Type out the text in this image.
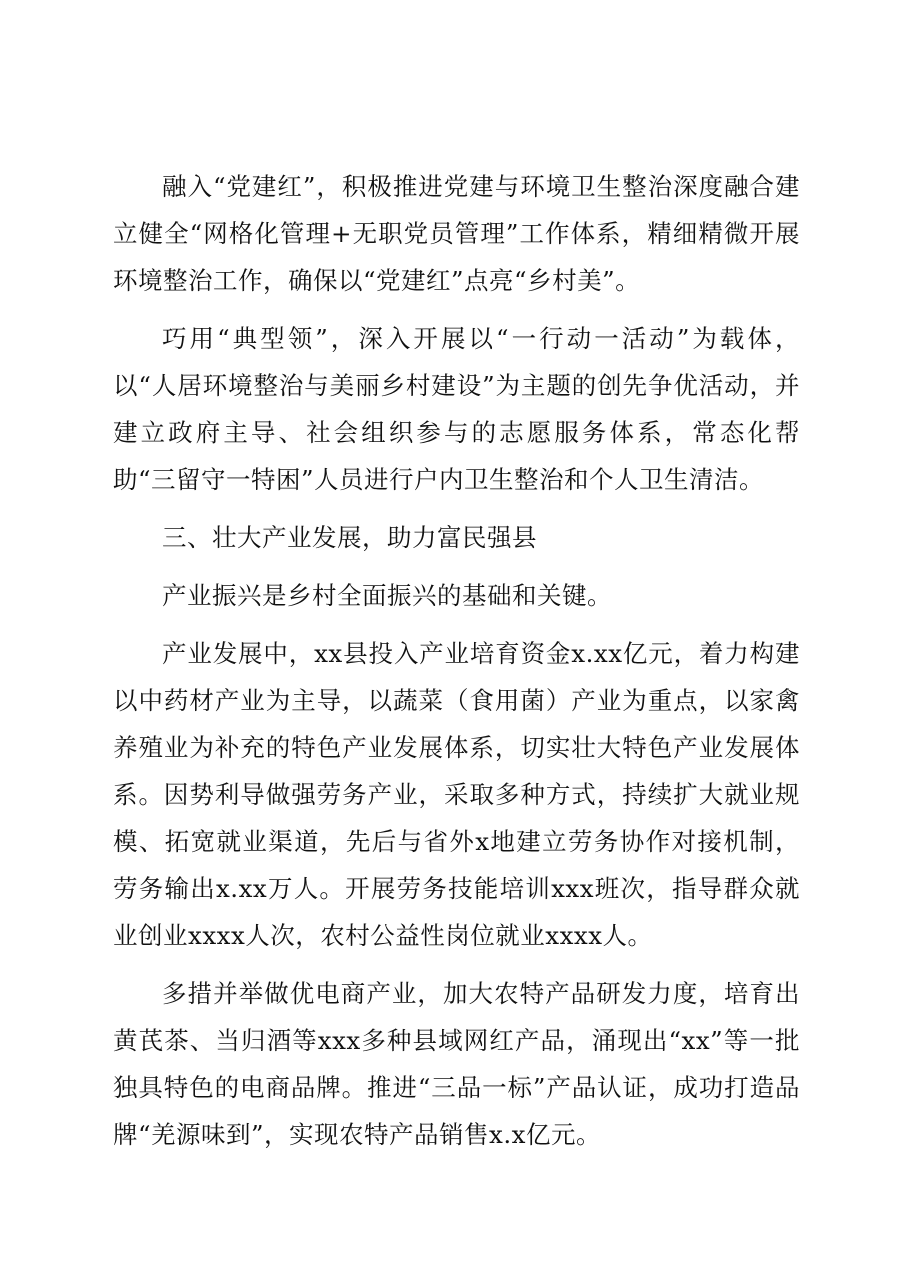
融入“党建红”，积极推进党建与环境卫生整治深度融合建立健全“网格化管理+无职党员管理”工作体系，精细精微开展环境整治工作，确保以“党建红”点亮“乡村美”。

巧用“典型领”，深入开展以“一行动一活动”为载体，以“人居环境整治与美丽乡村建设”为主题的创先争优活动，并建立政府主导、社会组织参与的志愿服务体系，常态化帮助“三留守一特困”人员进行户内卫生整治和个人卫生清洁。

三、壮大产业发展，助力富民强县

产业振兴是乡村全面振兴的基础和关键。

产业发展中，xx县投入产业培育资金x.xx亿元，着力构建以中药材产业为主导，以蔬菜（食用菌）产业为重点，以家禽养殖业为补充的特色产业发展体系，切实壮大特色产业发展体系。因势利导做强劳务产业，采取多种方式，持续扩大就业规模、拓宽就业渠道，先后与省外x地建立劳务协作对接机制，劳务输出x.xx万人。开展劳务技能培训xxx班次，指导群众就业创业xxxx人次，农村公益性岗位就业xxxx人。

多措并举做优电商产业，加大农特产品研发力度，培育出黄芪茶、当归酒等xxx多种县域网红产品，涌现出“xx”等一批独具特色的电商品牌。推进“三品一标”产品认证，成功打造品牌“羌源味到”，实现农特产品销售x.x亿元。
